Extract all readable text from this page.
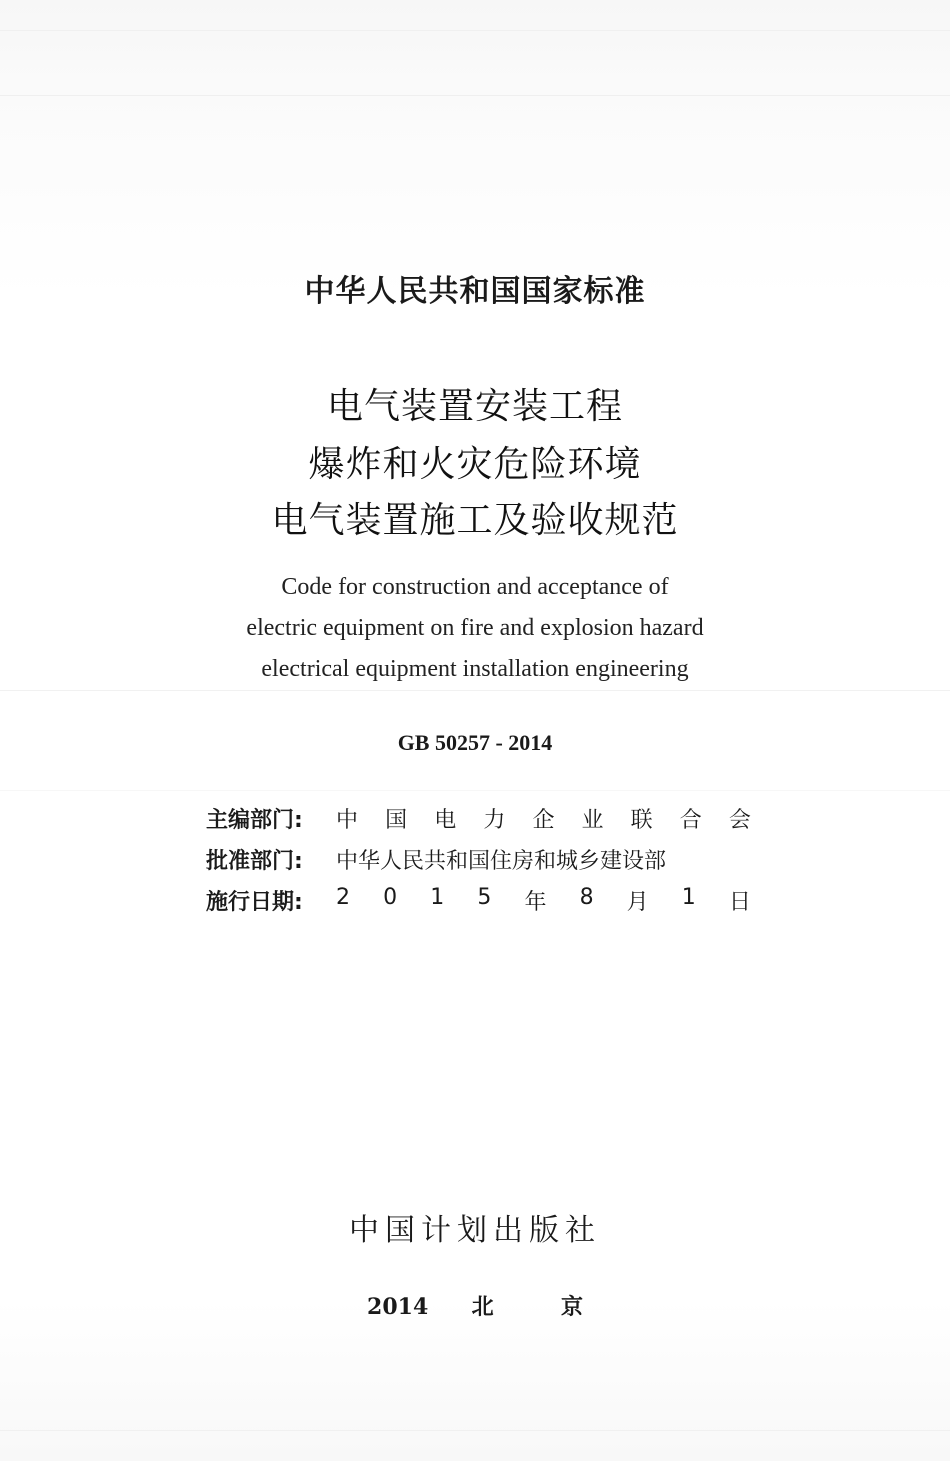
中华人民共和国国家标准
电气装置安装工程
爆炸和火灾危险环境
电气装置施工及验收规范
Code for construction and acceptance of
electric equipment on fire and explosion hazard
electrical equipment installation engineering
GB 50257 - 2014
主编部门:	中 国 电 力 企 业 联 合 会
批准部门:	中华人民共和国住房和城乡建设部
施行日期:	2 0 1 5 年 8 月 1 日
中国计划出版社
2014 北	京
